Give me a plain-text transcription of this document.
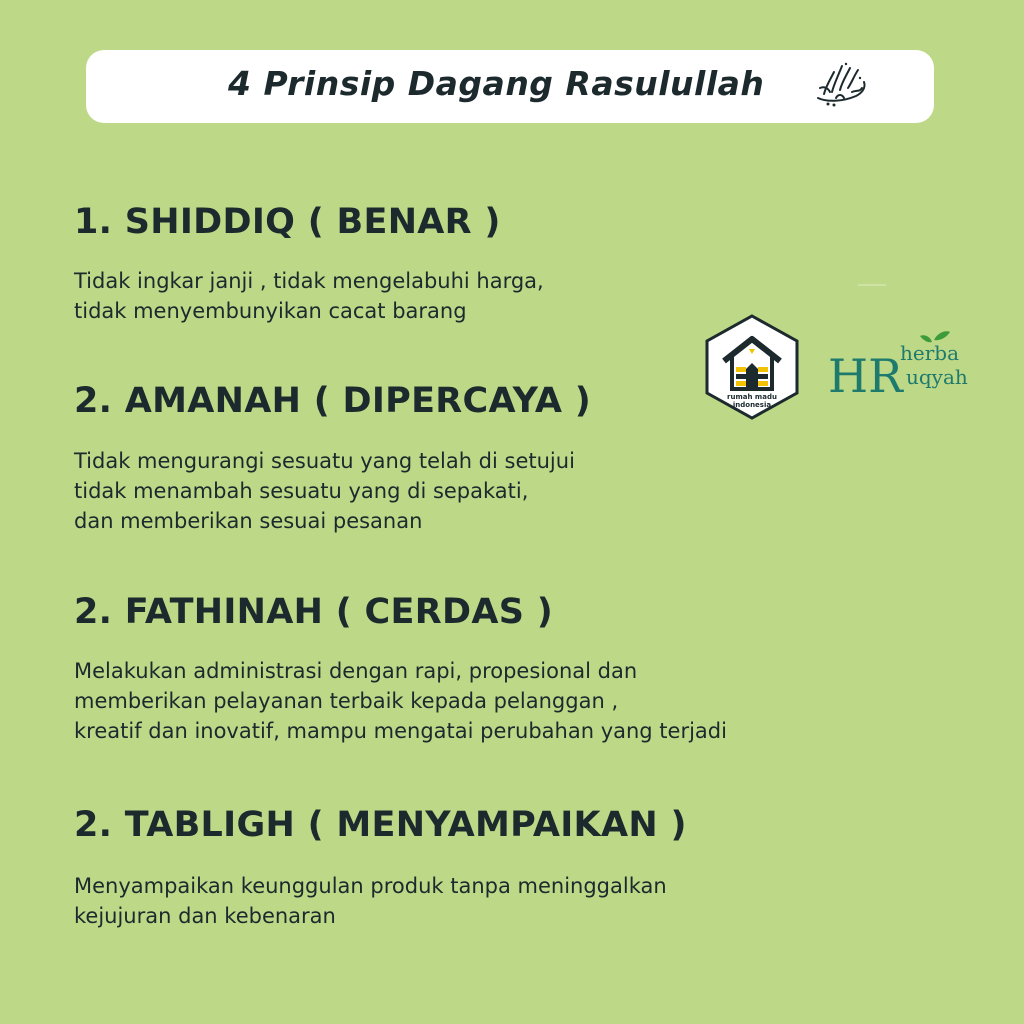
4 Prinsip Dagang Rasulullah
1. SHIDDIQ ( BENAR )
Tidak ingkar janji , tidak mengelabuhi harga,
tidak menyembunyikan cacat barang
2. AMANAH ( DIPERCAYA )
Tidak mengurangi sesuatu yang telah di setujui
tidak menambah sesuatu yang di sepakati,
dan memberikan sesuai pesanan
2. FATHINAH ( CERDAS )
Melakukan administrasi dengan rapi, propesional dan
memberikan pelayanan terbaik kepada pelanggan ,
kreatif dan inovatif, mampu mengatai perubahan yang terjadi
2. TABLIGH ( MENYAMPAIKAN )
Menyampaikan keunggulan produk tanpa meninggalkan
kejujuran dan kebenaran
rumah madu
indonesia
HR
herba
uqyah
